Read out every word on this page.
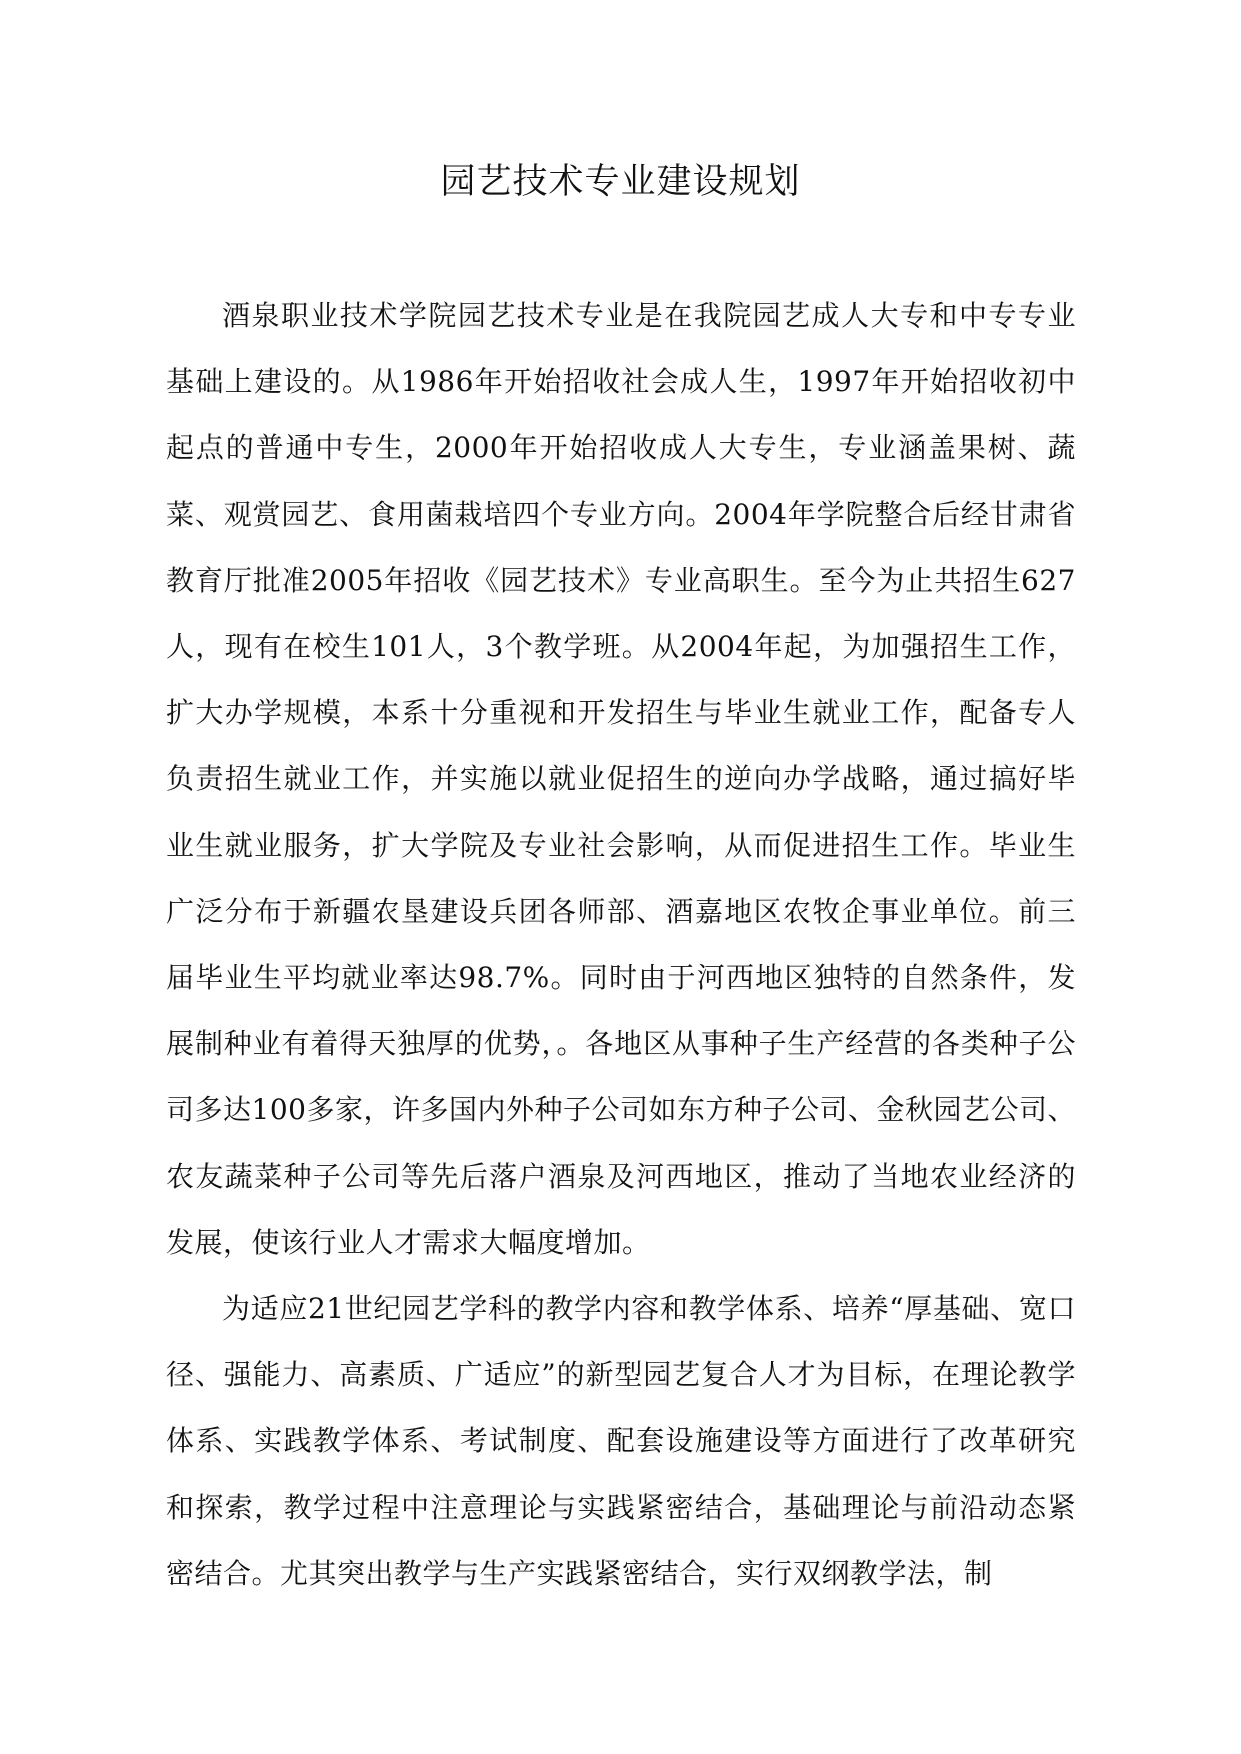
园艺技术专业建设规划

酒泉职业技术学院园艺技术专业是在我院园艺成人大专和中专专业基础上建设的。从1986年开始招收社会成人生，1997年开始招收初中起点的普通中专生，2000年开始招收成人大专生，专业涵盖果树、蔬菜、观赏园艺、食用菌栽培四个专业方向。2004年学院整合后经甘肃省教育厅批准2005年招收《园艺技术》专业高职生。至今为止共招生627人，现有在校生101人，3个教学班。从2004年起，为加强招生工作，扩大办学规模，本系十分重视和开发招生与毕业生就业工作，配备专人负责招生就业工作，并实施以就业促招生的逆向办学战略，通过搞好毕业生就业服务，扩大学院及专业社会影响，从而促进招生工作。毕业生广泛分布于新疆农垦建设兵团各师部、酒嘉地区农牧企事业单位。前三届毕业生平均就业率达98.7%。同时由于河西地区独特的自然条件，发展制种业有着得天独厚的优势，。各地区从事种子生产经营的各类种子公司多达100多家，许多国内外种子公司如东方种子公司、金秋园艺公司、农友蔬菜种子公司等先后落户酒泉及河西地区，推动了当地农业经济的发展，使该行业人才需求大幅度增加。

为适应21世纪园艺学科的教学内容和教学体系、培养“厚基础、宽口径、强能力、高素质、广适应”的新型园艺复合人才为目标，在理论教学体系、实践教学体系、考试制度、配套设施建设等方面进行了改革研究和探索，教学过程中注意理论与实践紧密结合，基础理论与前沿动态紧密结合。尤其突出教学与生产实践紧密结合，实行双纲教学法，制
